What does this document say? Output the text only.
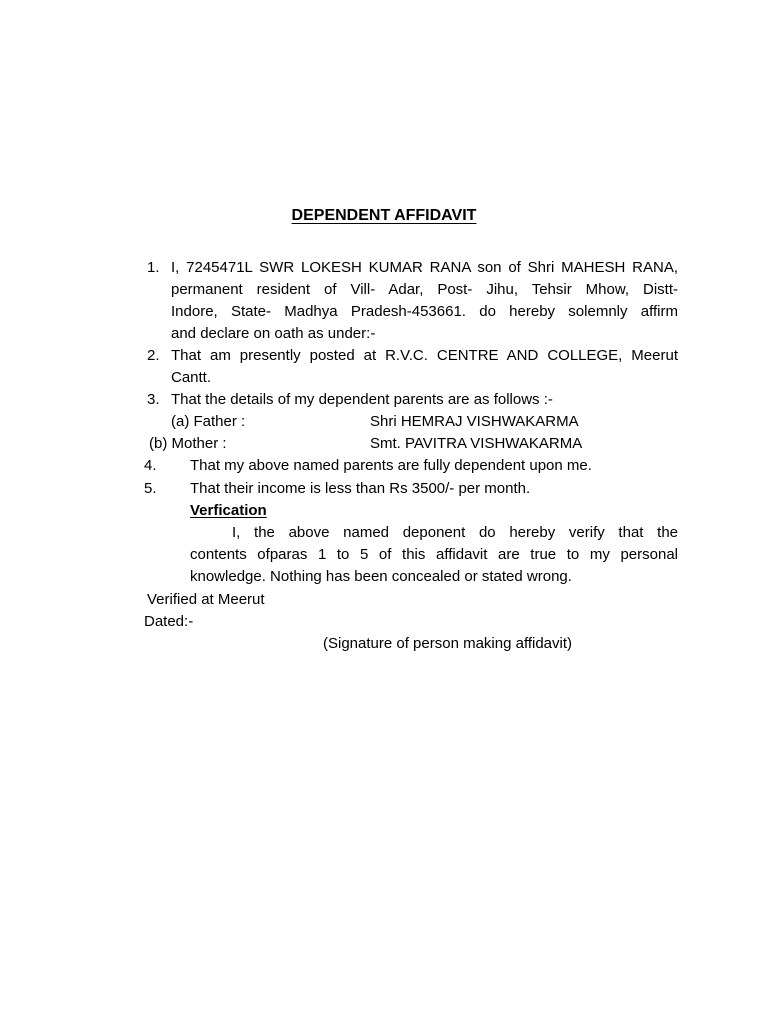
DEPENDENT AFFIDAVIT
1. I, 7245471L SWR LOKESH KUMAR RANA son of Shri MAHESH RANA,
permanent resident of Vill- Adar, Post- Jihu, Tehsir Mhow, Distt-
Indore, State- Madhya Pradesh-453661. do hereby solemnly affirm
and declare on oath as under:-
2. That am presently posted at R.V.C. CENTRE AND COLLEGE, Meerut
Cantt.
3. That the details of my dependent parents are as follows :-
(a) Father :	Shri HEMRAJ VISHWAKARMA
(b) Mother :	Smt. PAVITRA VISHWAKARMA
4. That my above named parents are fully dependent upon me.
5. That their income is less than Rs 3500/- per month.
Verfication
I, the above named deponent do hereby verify that the
contents ofparas 1 to 5 of this affidavit are true to my personal
knowledge. Nothing has been concealed or stated wrong.
Verified at Meerut
Dated:-
(Signature of person making affidavit)
